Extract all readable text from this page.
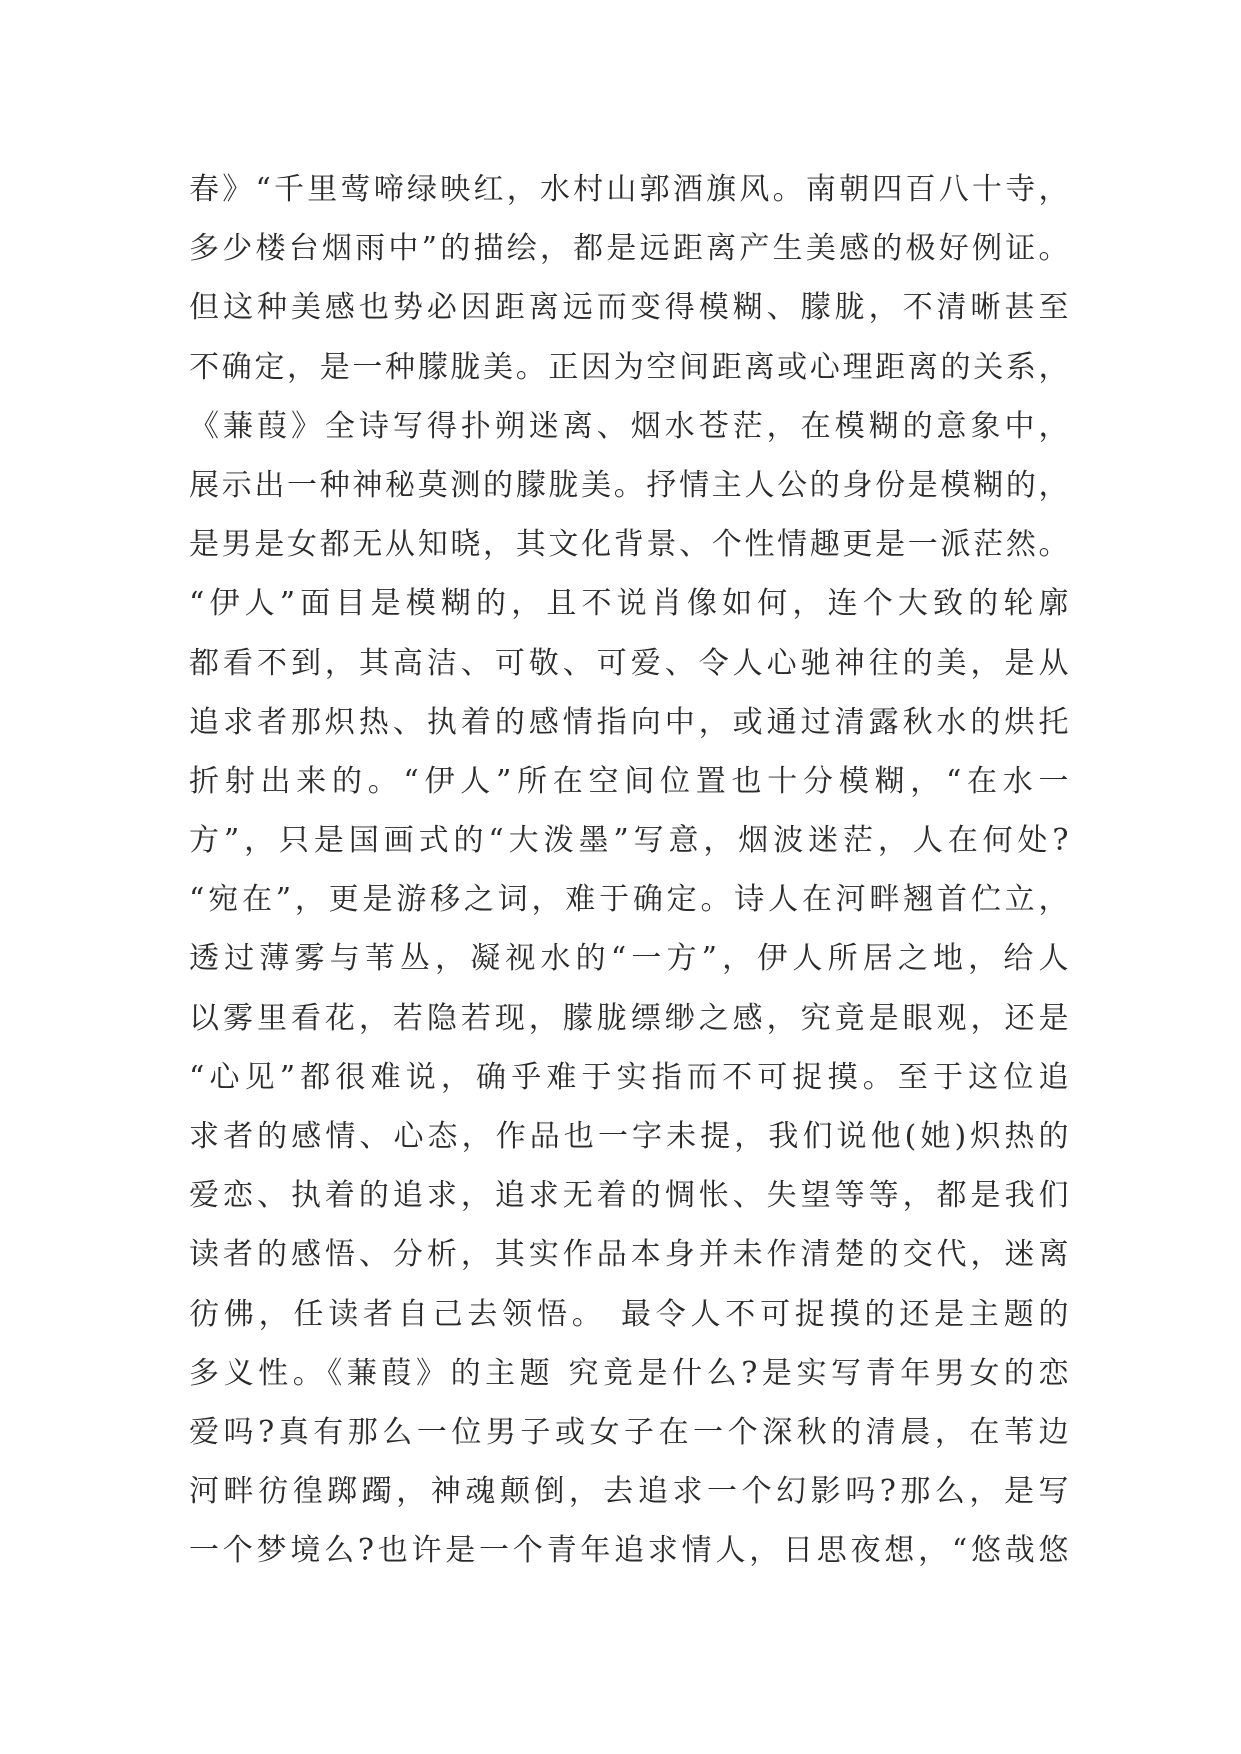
春》“千里莺啼绿映红，水村山郭酒旗风。南朝四百八十寺，
多少楼台烟雨中”的描绘，都是远距离产生美感的极好例证。
但这种美感也势必因距离远而变得模糊、朦胧，不清晰甚至
不确定，是一种朦胧美。正因为空间距离或心理距离的关系，
《蒹葭》全诗写得扑朔迷离、烟水苍茫，在模糊的意象中，
展示出一种神秘莫测的朦胧美。抒情主人公的身份是模糊的，
是男是女都无从知晓，其文化背景、个性情趣更是一派茫然。
“伊人”面目是模糊的，且不说肖像如何，连个大致的轮廓
都看不到，其高洁、可敬、可爱、令人心驰神往的美，是从
追求者那炽热、执着的感情指向中，或通过清露秋水的烘托
折射出来的。“伊人”所在空间位置也十分模糊，“在水一
方”，只是国画式的“大泼墨”写意，烟波迷茫，人在何处?
“宛在”，更是游移之词，难于确定。诗人在河畔翘首伫立，
透过薄雾与苇丛，凝视水的“一方”，伊人所居之地，给人
以雾里看花，若隐若现，朦胧缥缈之感，究竟是眼观，还是
“心见”都很难说，确乎难于实指而不可捉摸。至于这位追
求者的感情、心态，作品也一字未提，我们说他(她)炽热的
爱恋、执着的追求，追求无着的惆怅、失望等等，都是我们
读者的感悟、分析，其实作品本身并未作清楚的交代，迷离
彷佛，任读者自己去领悟。 最令人不可捉摸的还是主题的
多义性。《蒹葭》的主题 究竟是什么?是实写青年男女的恋
爱吗?真有那么一位男子或女子在一个深秋的清晨，在苇边
河畔彷徨踯躅，神魂颠倒，去追求一个幻影吗?那么，是写
一个梦境么?也许是一个青年追求情人，日思夜想，“悠哉悠
